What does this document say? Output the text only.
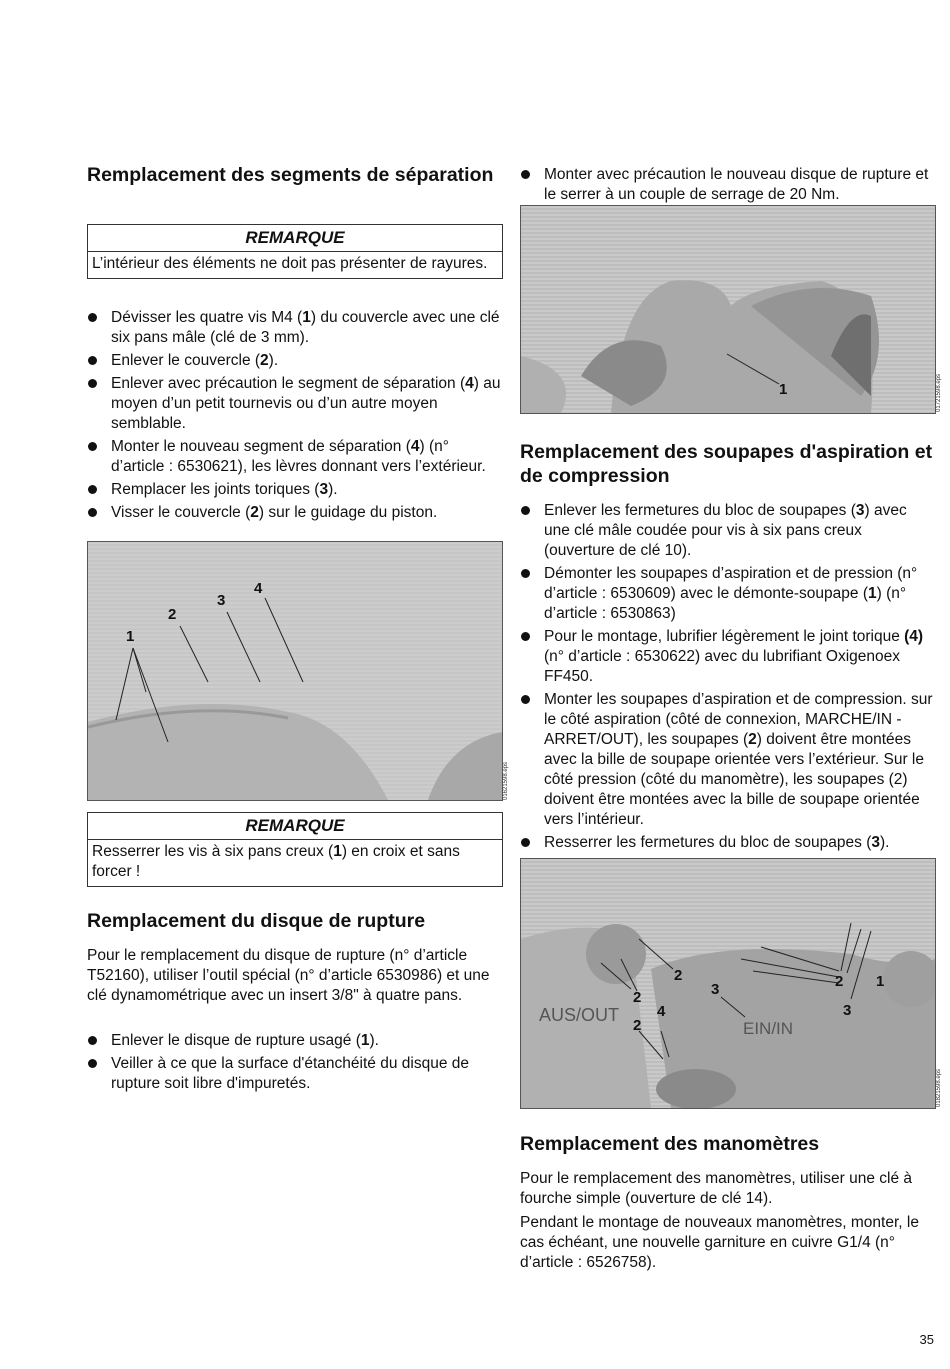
Remplacement des segments de séparation
REMARQUE
L’intérieur des éléments ne doit pas présenter de rayures.
Dévisser les quatre vis M4 (1) du couvercle avec une clé six pans mâle (clé de 3 mm).
Enlever le couvercle (2).
Enlever avec précaution le segment de séparation (4) au moyen d’un petit tournevis ou d’un autre moyen semblable.
Monter le nouveau segment de séparation (4) (n° d’article : 6530621), les lèvres donnant vers l’extérieur.
Remplacer les joints toriques (3).
Visser le couvercle (2) sur le guidage du piston.
1
2
3
4
01621598.eps
REMARQUE
Resserrer les vis à six pans creux (1) en croix et sans forcer !
Remplacement du disque de rupture

Pour le remplacement du disque de rupture (n° d’article T52160), utiliser l’outil spécial (n° d’article 6530986) et une clé dynamométrique avec un insert 3/8" à quatre pans.

Enlever le disque de rupture usagé (1).
Veiller à ce que la surface d'étanchéité du disque de rupture soit libre d'impuretés.
Monter avec précaution le nouveau disque de rupture et le serrer à un couple de serrage de 20 Nm.
1	01721598.eps
Remplacement des soupapes d'aspiration et de compression
Enlever les fermetures du bloc de soupapes (3) avec une clé mâle coudée pour vis à six pans creux (ouverture de clé 10).
Démonter les soupapes d’aspiration et de pression (n° d’article : 6530609) avec le démonte-soupape (1) (n° d’article : 6530863)
Pour le montage, lubrifier légèrement le joint torique (4) (n° d’article : 6530622) avec du lubrifiant Oxigenoex FF450.
Monter les soupapes d’aspiration et de compression. sur le côté aspiration (côté de connexion, MARCHE/IN - ARRET/OUT), les soupapes (2) doivent être montées avec la bille de soupape orientée vers l’extérieur. Sur le côté pression (côté du manomètre), les soupapes (2) doivent être montées avec la bille de soupape orientée vers l’intérieur.
Resserrer les fermetures du bloc de soupapes (3).
AUS/OUT
EIN/IN
2
2
2
4
3	2 1
3
01821598.eps
Remplacement des manomètres

Pour le remplacement des manomètres, utiliser une clé à fourche simple (ouverture de clé 14).

Pendant le montage de nouveaux manomètres, monter, le cas échéant, une nouvelle garniture en cuivre G1/4 (n° d’article : 6526758).

35
